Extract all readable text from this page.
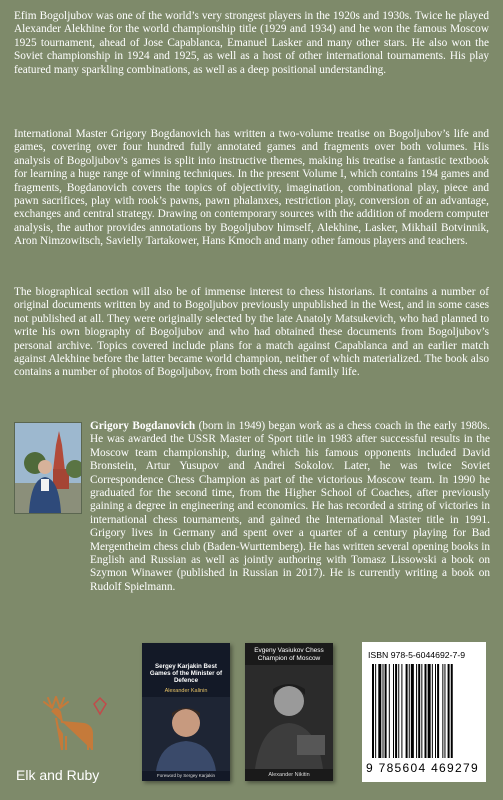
Efim Bogoljubov was one of the world’s very strongest players in the 1920s and 1930s. Twice he played Alexander Alekhine for the world championship title (1929 and 1934) and he won the famous Moscow 1925 tournament, ahead of Jose Capablanca, Emanuel Lasker and many other stars. He also won the Soviet championship in 1924 and 1925, as well as a host of other international tournaments. His play featured many sparkling combinations, as well as a deep positional understanding.

International Master Grigory Bogdanovich has written a two-volume treatise on Bogoljubov’s life and games, covering over four hundred fully annotated games and fragments over both volumes. His analysis of Bogoljubov’s games is split into instructive themes, making his treatise a fantastic textbook for learning a huge range of winning techniques. In the present Volume I, which contains 194 games and fragments, Bogdanovich covers the topics of objectivity, imagination, combinational play, piece and pawn sacrifices, play with rook’s pawns, pawn phalanxes, restriction play, conversion of an advantage, exchanges and central strategy. Drawing on contemporary sources with the addition of modern computer analysis, the author provides annotations by Bogoljubov himself, Alekhine, Lasker, Mikhail Botvinnik, Aron Nimzowitsch, Savielly Tartakower, Hans Kmoch and many other famous players and teachers.

The biographical section will also be of immense interest to chess historians. It contains a number of original documents written by and to Bogoljubov previously unpublished in the West, and in some cases not published at all. They were originally selected by the late Anatoly Matsukevich, who had planned to write his own biography of Bogoljubov and who had obtained these documents from Bogoljubov’s personal archive. Topics covered include plans for a match against Capablanca and an earlier match against Alekhine before the latter became world champion, neither of which materialized. The book also contains a number of photos of Bogoljubov, from both chess and family life.

Grigory Bogdanovich (born in 1949) began work as a chess coach in the early 1980s. He was awarded the USSR Master of Sport title in 1983 after successful results in the Moscow team championship, during which his famous opponents included David Bronstein, Artur Yusupov and Andrei Sokolov. Later, he was twice Soviet Correspondence Chess Champion as part of the victorious Moscow team. In 1990 he graduated for the second time, from the Higher School of Coaches, after previously gaining a degree in engineering and economics. He has recorded a string of victories in international chess tournaments, and gained the International Master title in 1991. Grigory lives in Germany and spent over a quarter of a century playing for Bad Mergentheim chess club (Baden-Wurttemberg). He has written several opening books in English and Russian as well as jointly authoring with Tomasz Lissowski a book on Szymon Winawer (published in Russian in 2017). He is currently writing a book on Rudolf Spielmann.

Elk and Ruby
Sergey Karjakin Best Games of the Minister of Defence
Alexander Kalinin
Foreword by Sergey Karjakin
Evgeny Vasiukov Chess Champion of Moscow
Alexander Nikitin
ISBN 978-5-6044692-7-9
9 785604 469279
